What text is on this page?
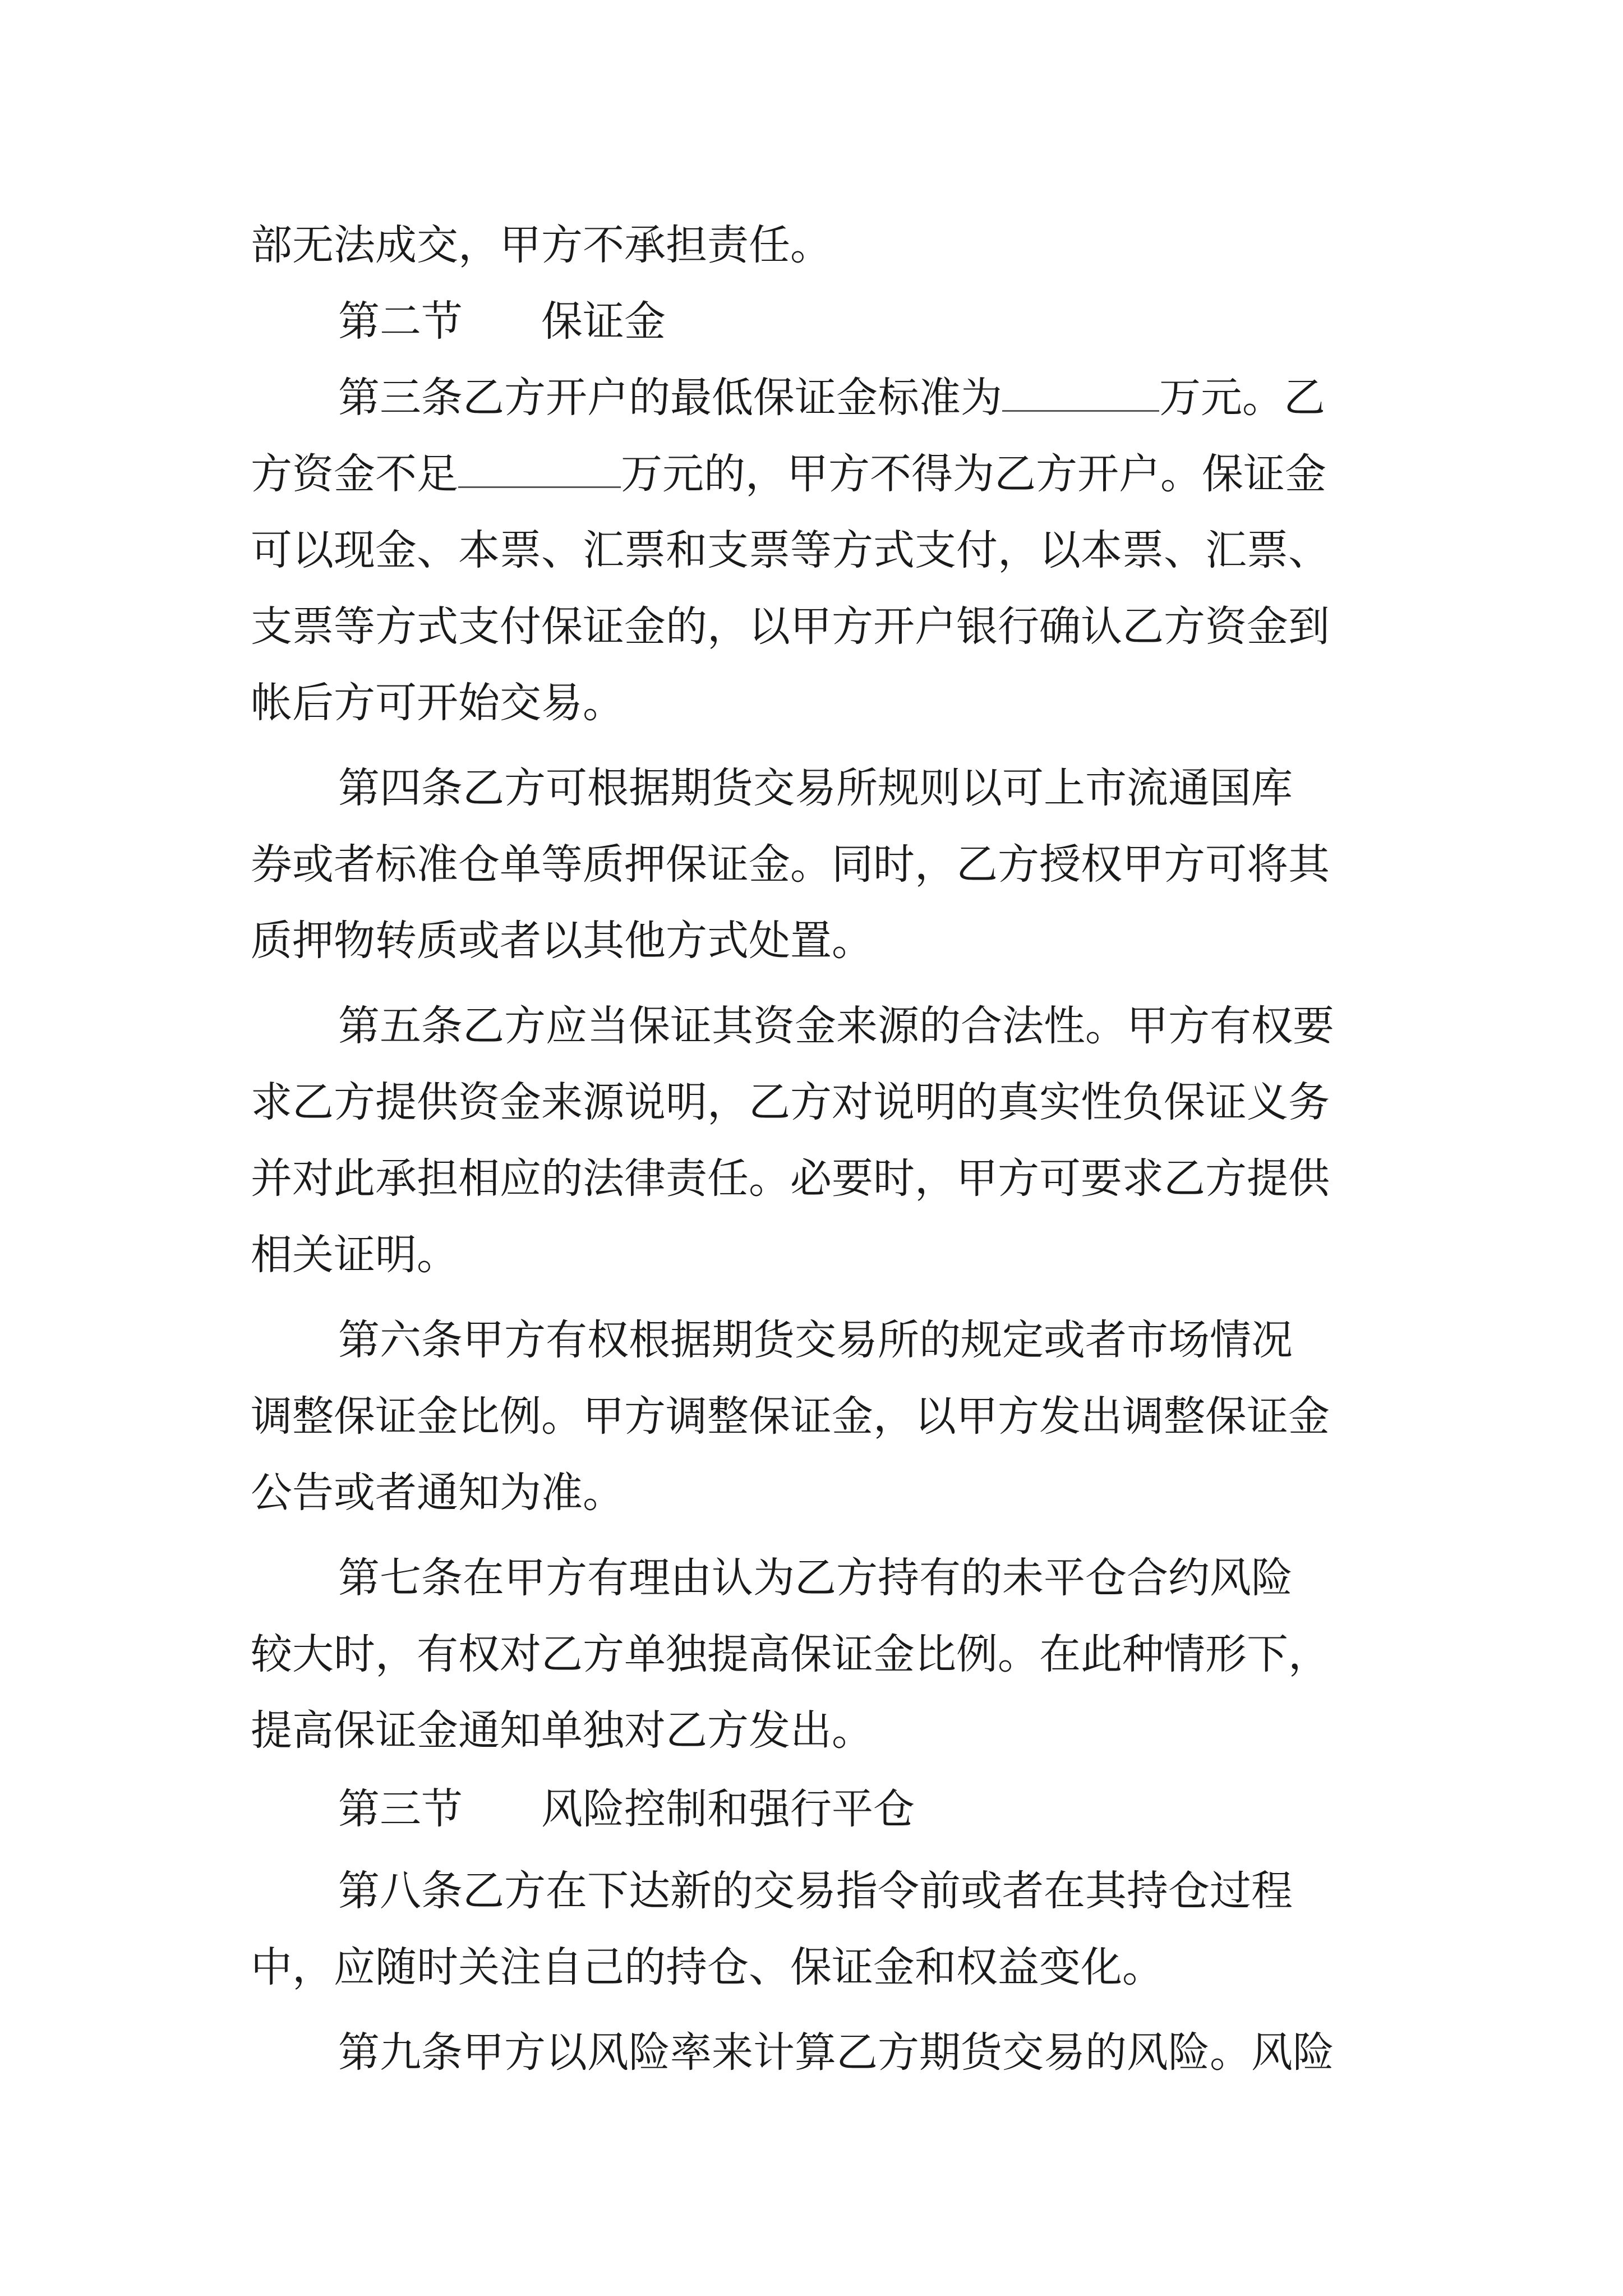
部无法成交，甲方不承担责任。
第二节 保证金
第三条乙方开户的最低保证金标准为	万元。乙
方资金不足	万元的，甲方不得为乙方开户。保证金
可以现金、本票、汇票和支票等方式支付，以本票、汇票、
支票等方式支付保证金的，以甲方开户银行确认乙方资金到
帐后方可开始交易。
第四条乙方可根据期货交易所规则以可上市流通国库
券或者标准仓单等质押保证金。同时，乙方授权甲方可将其
质押物转质或者以其他方式处置。
第五条乙方应当保证其资金来源的合法性。甲方有权要
求乙方提供资金来源说明，乙方对说明的真实性负保证义务
并对此承担相应的法律责任。必要时，甲方可要求乙方提供
相关证明。
第六条甲方有权根据期货交易所的规定或者市场情况
调整保证金比例。甲方调整保证金，以甲方发出调整保证金
公告或者通知为准。
第七条在甲方有理由认为乙方持有的未平仓合约风险
较大时，有权对乙方单独提高保证金比例。在此种情形下，
提高保证金通知单独对乙方发出。
第三节 风险控制和强行平仓
第八条乙方在下达新的交易指令前或者在其持仓过程
中，应随时关注自己的持仓、保证金和权益变化。
第九条甲方以风险率来计算乙方期货交易的风险。风险
